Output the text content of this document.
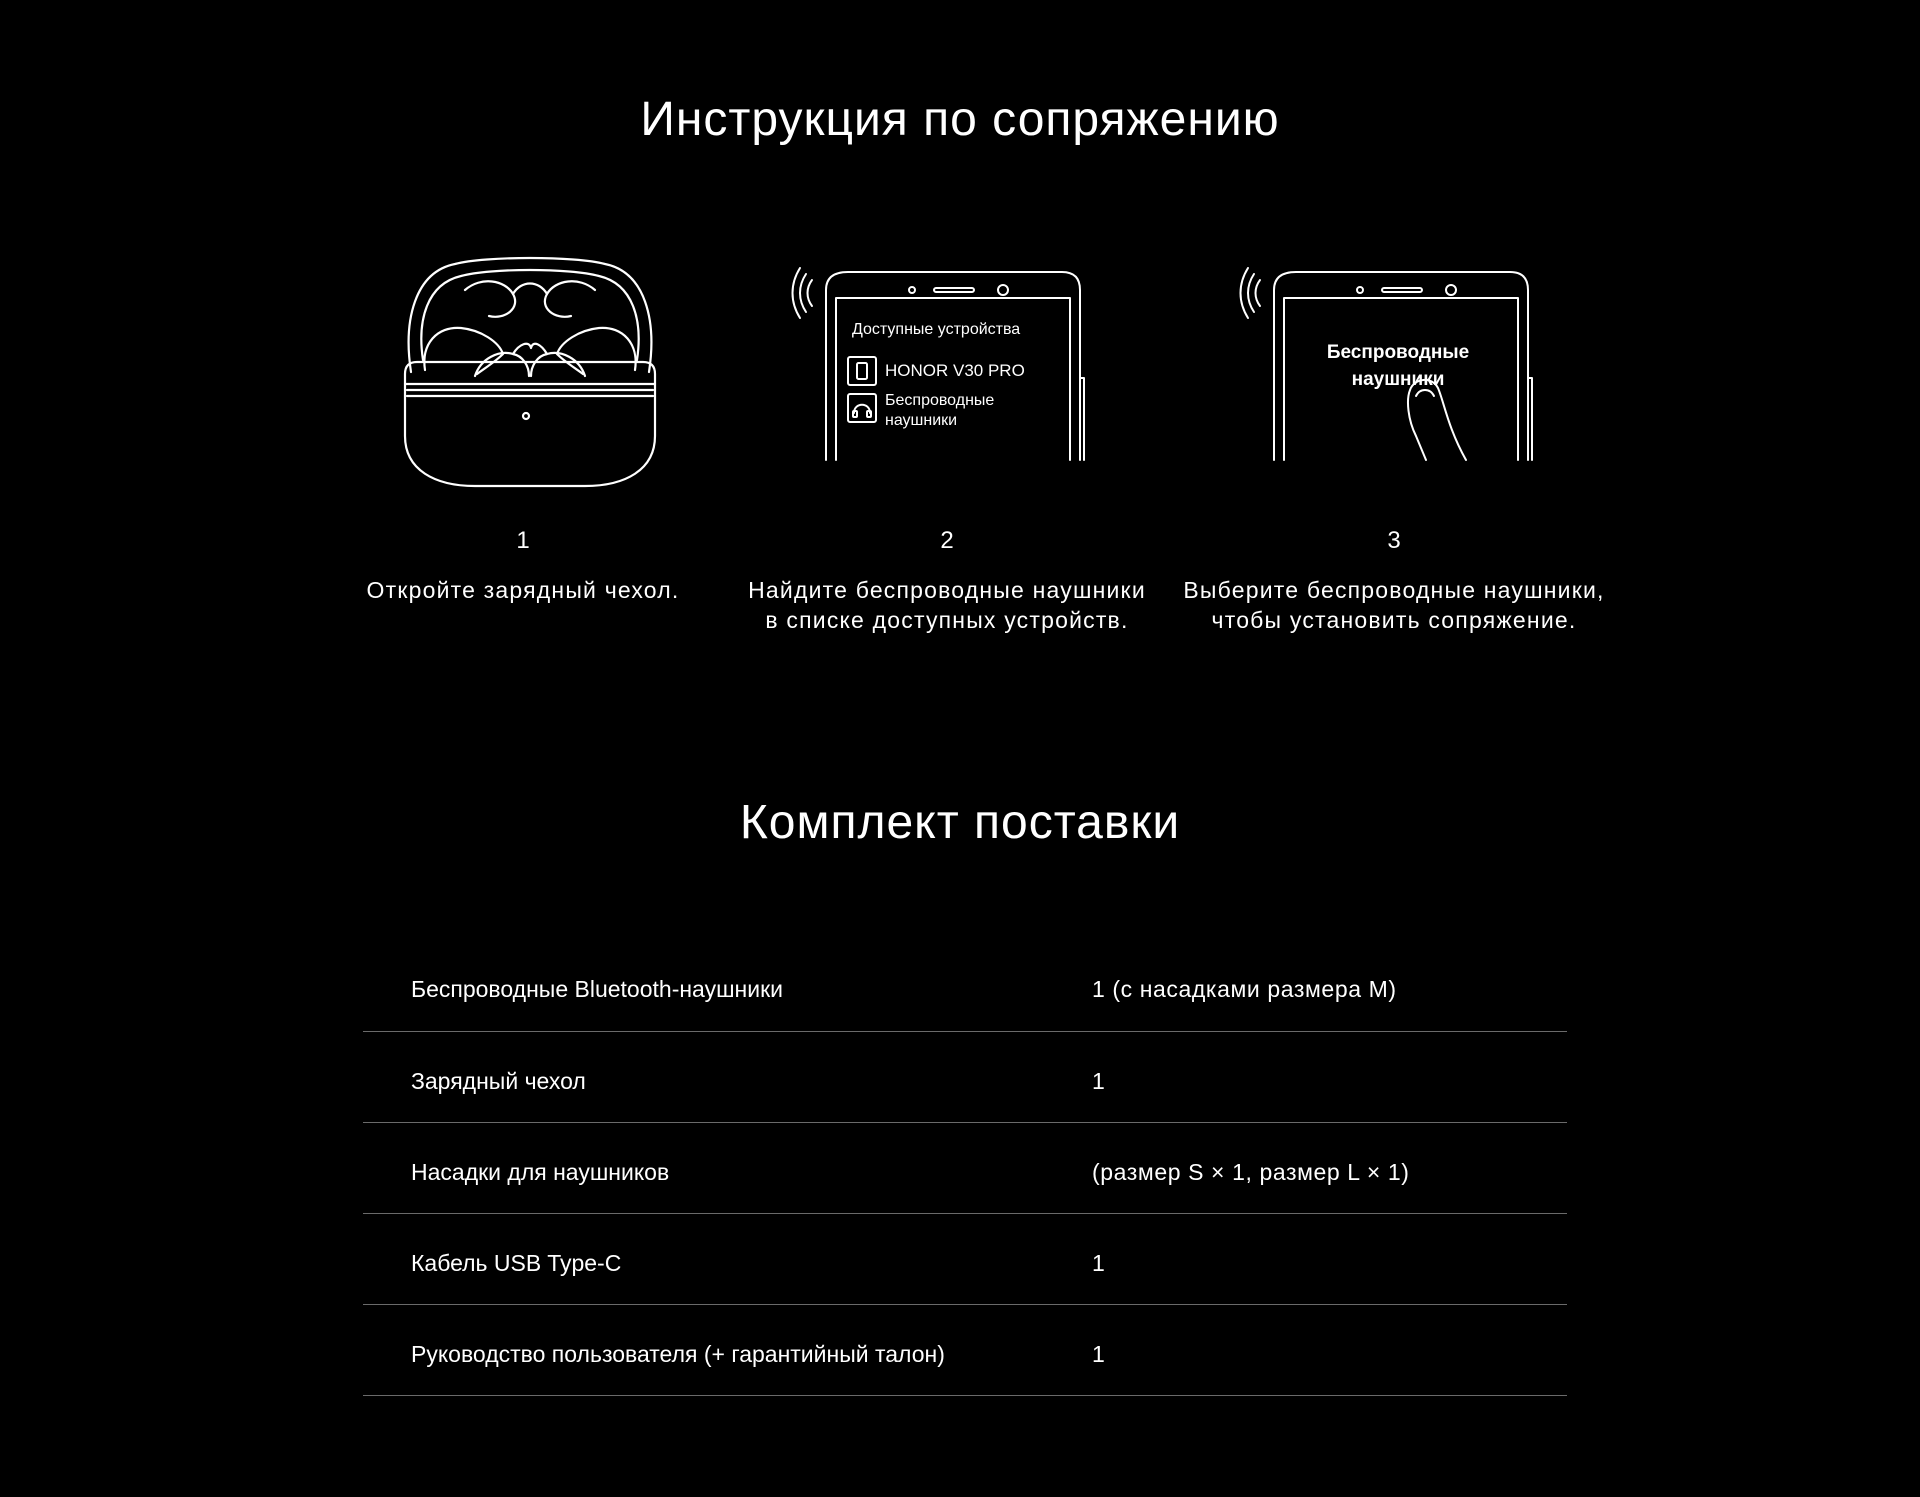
Инструкция по сопряжению
Доступные устройства
HONOR V30 PRO
Беспроводные
наушники
Беспроводные
наушники
1
Откройте зарядный чехол.
2
Найдите беспроводные наушники
в списке доступных устройств.
3
Выберите беспроводные наушники,
чтобы установить сопряжение.
Комплект поставки
Беспроводные Bluetooth-наушники	1 (с насадками размера M)
Зарядный чехол	1
Насадки для наушников	(размер S × 1, размер L × 1)
Кабель USB Type-C	1
Руководство пользователя (+ гарантийный талон)	1
